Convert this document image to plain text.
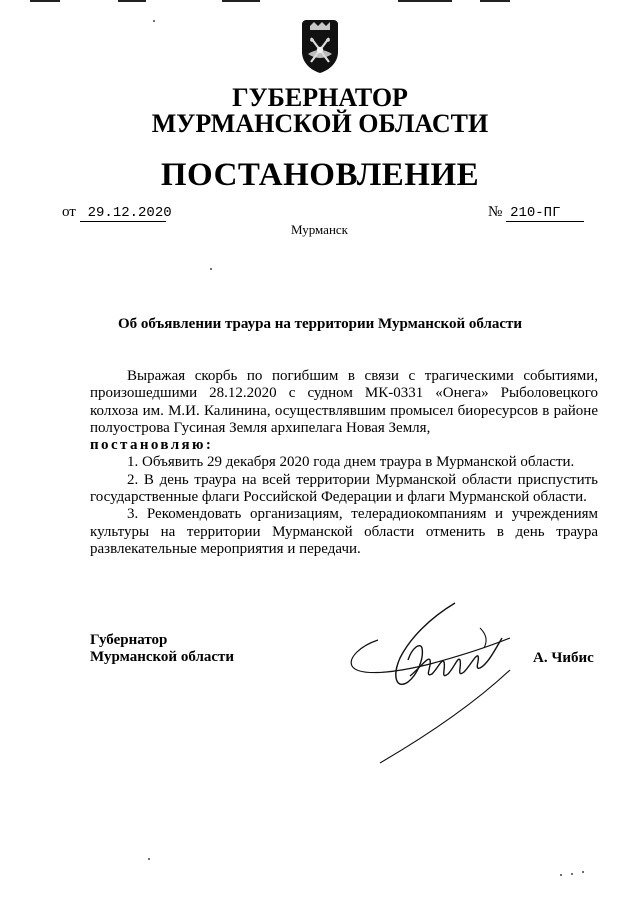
ГУБЕРНАТОР
МУРМАНСКОЙ ОБЛАСТИ
ПОСТАНОВЛЕНИЕ
от 29.12.2020	№ 210-ПГ
Мурманск
Об объявлении траура на территории Мурманской области

Выражая скорбь по погибшим в связи с трагическими событиями, произошедшими 28.12.2020 с судном МК-0331 «Онега» Рыболовецкого колхоза им. М.И. Калинина, осуществлявшим промысел биоресурсов в районе полуострова Гусиная Земля архипелага Новая Земля,
постановляю:

1. Объявить 29 декабря 2020 года днем траура в Мурманской области.

2. В день траура на всей территории Мурманской области приспустить государственные флаги Российской Федерации и флаги Мурманской области.

3. Рекомендовать организациям, телерадиокомпаниям и учреждениям культуры на территории Мурманской области отменить в день траура развлекательные мероприятия и передачи.

Губернатор
Мурманской области	А. Чибис
